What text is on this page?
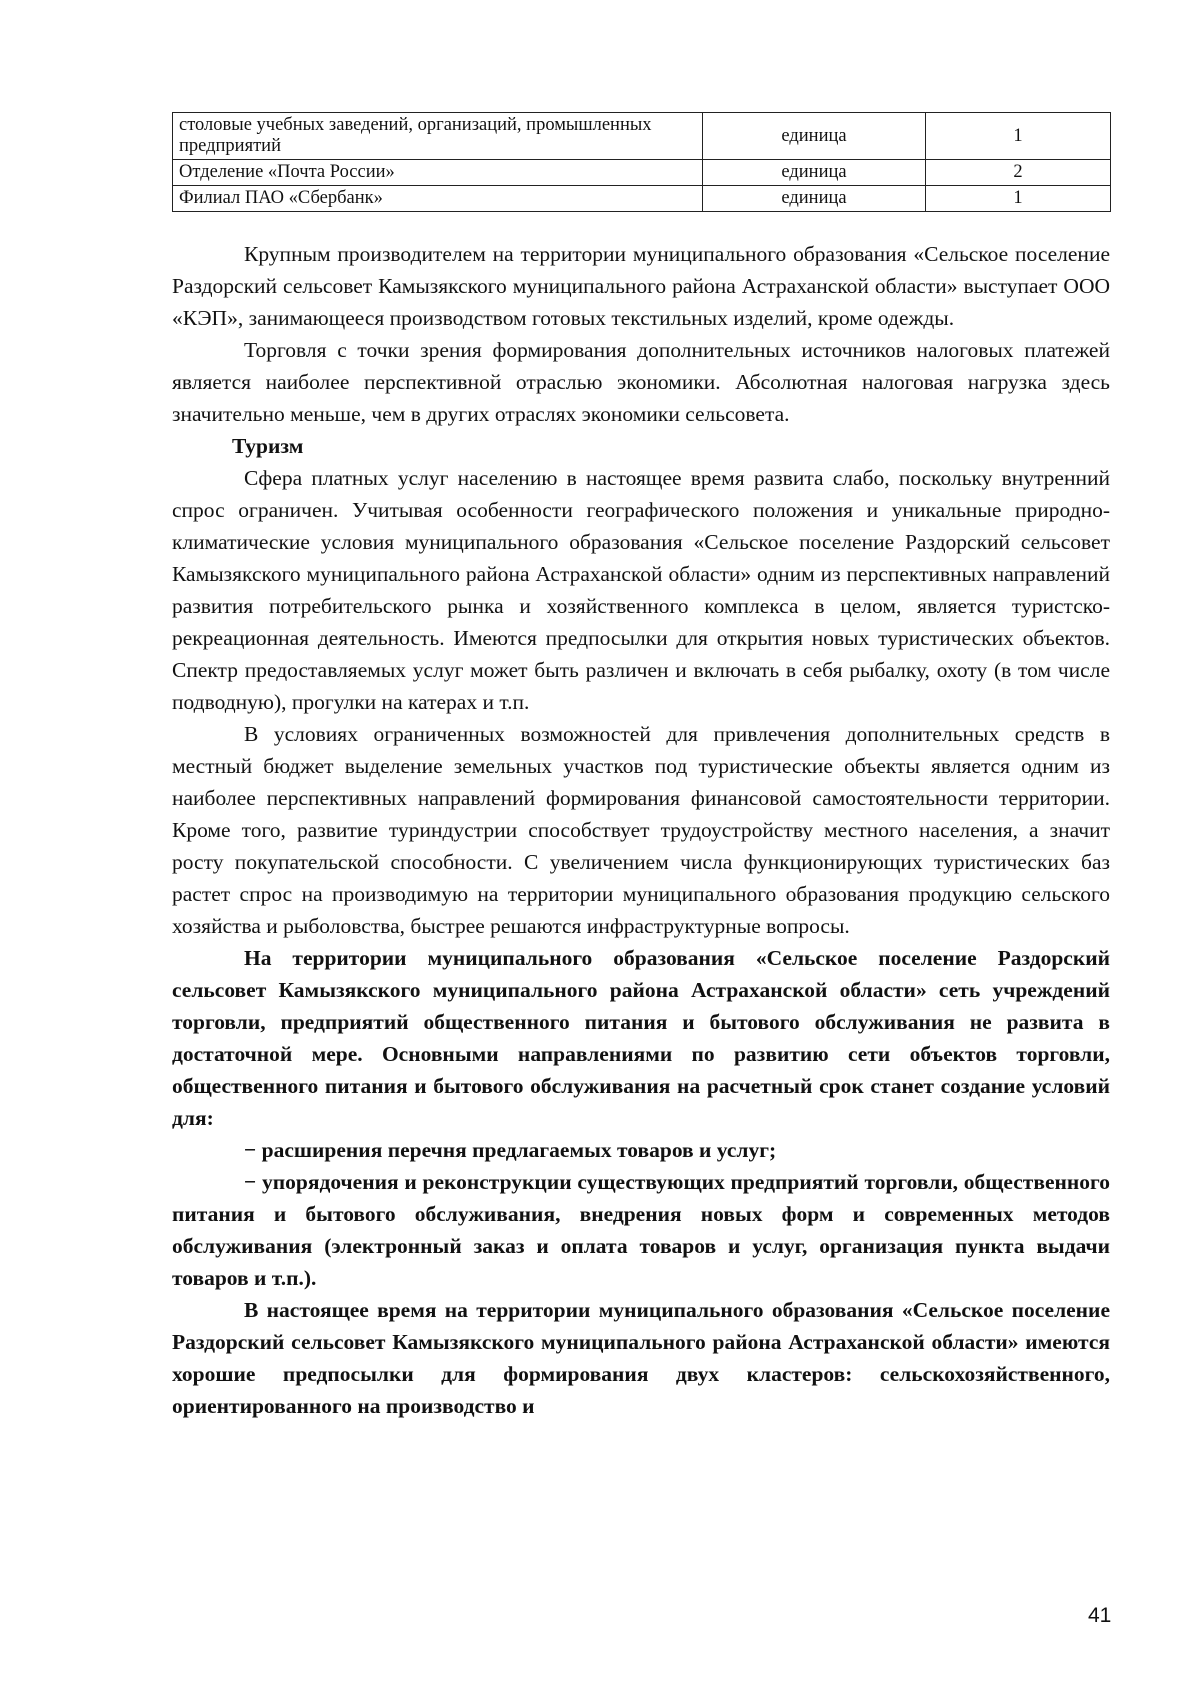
столовые учебных заведений, организаций, промышленных предприятий	единица	1
Отделение «Почта России»	единица	2
Филиал ПАО «Сбербанк»	единица	1

Крупным производителем на территории муниципального образования «Сельское поселение Раздорский сельсовет Камызякского муниципального района Астраханской области» выступает ООО «КЭП», занимающееся производством готовых текстильных изделий, кроме одежды.

Торговля с точки зрения формирования дополнительных источников налоговых платежей является наиболее перспективной отраслью экономики. Абсолютная налоговая нагрузка здесь значительно меньше, чем в других отраслях экономики сельсовета.

Туризм

Сфера платных услуг населению в настоящее время развита слабо, поскольку внутренний спрос ограничен. Учитывая особенности географического положения и уникальные природно-климатические условия муниципального образования «Сельское поселение Раздорский сельсовет Камызякского муниципального района Астраханской области» одним из перспективных направлений развития потребительского рынка и хозяйственного комплекса в целом, является туристско-рекреационная деятельность. Имеются предпосылки для открытия новых туристических объектов. Спектр предоставляемых услуг может быть различен и включать в себя рыбалку, охоту (в том числе подводную), прогулки на катерах и т.п.

В условиях ограниченных возможностей для привлечения дополнительных средств в местный бюджет выделение земельных участков под туристические объекты является одним из наиболее перспективных направлений формирования финансовой самостоятельности территории. Кроме того, развитие туриндустрии способствует трудоустройству местного населения, а значит росту покупательской способности. С увеличением числа функционирующих туристических баз растет спрос на производимую на территории муниципального образования продукцию сельского хозяйства и рыболовства, быстрее решаются инфраструктурные вопросы.

На территории муниципального образования «Сельское поселение Раздорский сельсовет Камызякского муниципального района Астраханской области» сеть учреждений торговли, предприятий общественного питания и бытового обслуживания не развита в достаточной мере. Основными направлениями по развитию сети объектов торговли, общественного питания и бытового обслуживания на расчетный срок станет создание условий для:

− расширения перечня предлагаемых товаров и услуг;

− упорядочения и реконструкции существующих предприятий торговли, общественного питания и бытового обслуживания, внедрения новых форм и современных методов обслуживания (электронный заказ и оплата товаров и услуг, организация пункта выдачи товаров и т.п.).

В настоящее время на территории муниципального образования «Сельское поселение Раздорский сельсовет Камызякского муниципального района Астраханской области» имеются хорошие предпосылки для формирования двух кластеров: сельскохозяйственного, ориентированного на производство и

41
